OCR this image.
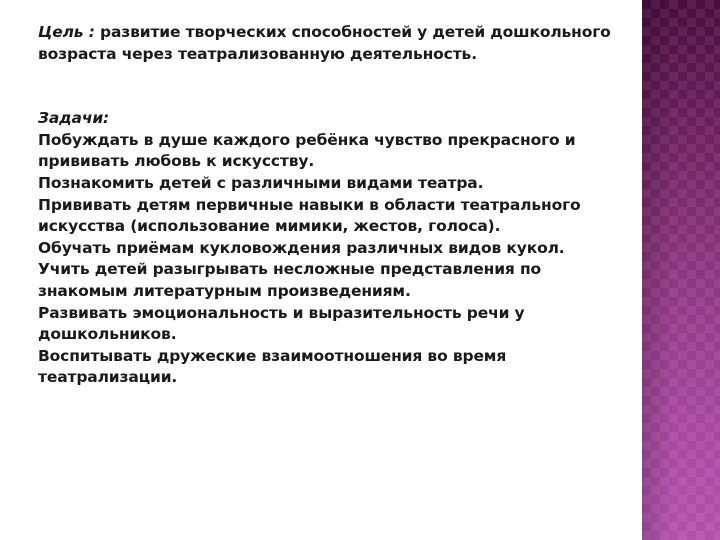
Цель : развитие творческих способностей у детей дошкольного возраста через театрализованную деятельность.

Задачи:

Побуждать в душе каждого ребёнка чувство прекрасного и прививать любовь к искусству.
Познакомить детей с различными видами театра.
Прививать детям первичные навыки в области театрального искусства (использование мимики, жестов, голоса).
Обучать приёмам кукловождения различных видов кукол.
Учить детей разыгрывать несложные представления по знакомым литературным произведениям.
Развивать эмоциональность и выразительность речи у дошкольников.
Воспитывать дружеские взаимоотношения во время театрализации.
